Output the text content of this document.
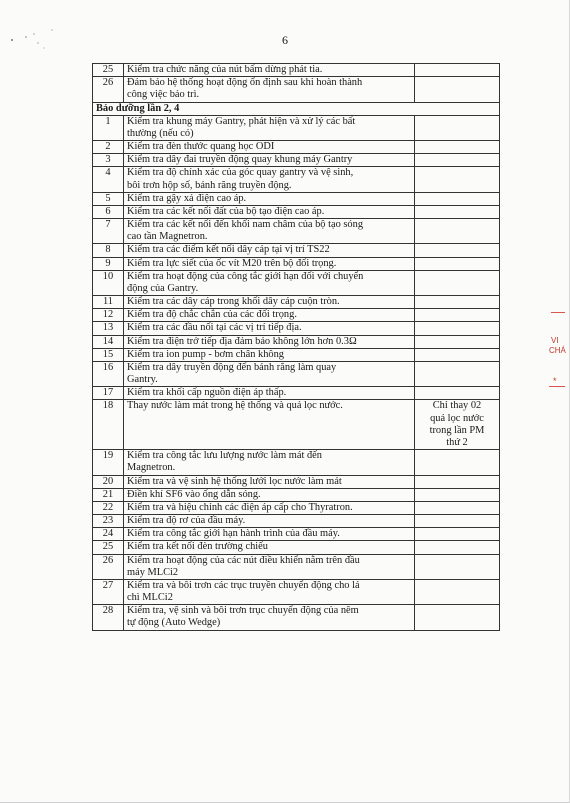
6
25	Kiểm tra chức năng của nút bấm dừng phát tia.	

26	Đảm bảo hệ thống hoạt động ổn định sau khi hoàn thành
công việc bảo trì.	

Bảo dưỡng lần 2, 4		
1	Kiểm tra khung máy Gantry, phát hiện và xử lý các bất
thường (nếu có)	

2	Kiểm tra đèn thước quang học ODI	

3	Kiểm tra dây đai truyền động quay khung máy Gantry	

4	Kiểm tra độ chính xác của góc quay gantry và vệ sinh,
bôi trơn hộp số, bánh răng truyền động.	

5	Kiểm tra gậy xả điện cao áp.	

6	Kiểm tra các kết nối đất của bộ tạo điện cao áp.	

7	Kiểm tra các kết nối đến khối nam châm của bộ tạo sóng
cao tần Magnetron.	

8	Kiểm tra các điểm kết nối dây cáp tại vị trí TS22	

9	Kiểm tra lực siết của ốc vít M20 trên bộ đối trọng.	

10	Kiểm tra hoạt động của công tắc giới hạn đối với chuyển
động của Gantry.	

11	Kiểm tra các dây cáp trong khối dây cáp cuộn tròn.	

12	Kiểm tra độ chắc chắn của các đối trọng.	

13	Kiểm tra các đầu nối tại các vị trí tiếp địa.	

14	Kiểm tra điện trở tiếp địa đảm bảo không lớn hơn 0.3Ω	

15	Kiểm tra ion pump - bơm chân không	

16	Kiểm tra dây truyền động đến bánh răng làm quay
Gantry.	

17	Kiểm tra khối cấp nguồn điện áp thấp.	

18	Thay nước làm mát trong hệ thống và quả lọc nước.	Chỉ thay 02
quả lọc nước
trong lần PM
thứ 2

19	Kiểm tra công tắc lưu lượng nước làm mát đến
Magnetron.	

20	Kiểm tra và vệ sinh hệ thống lưới lọc nước làm mát	

21	Điền khí SF6 vào ống dẫn sóng.	

22	Kiểm tra và hiệu chỉnh các điện áp cấp cho Thyratron.	

23	Kiểm tra độ rơ của đầu máy.	

24	Kiểm tra công tắc giới hạn hành trình của đầu máy.	

25	Kiểm tra kết nối đèn trường chiếu	

26	Kiểm tra hoạt động của các nút điều khiển nằm trên đầu
máy MLCi2	

27	Kiểm tra và bôi trơn các trục truyền chuyển động cho lá
chì MLCi2	

28	Kiểm tra, vệ sinh và bôi trơn trục chuyển động của nêm
tự động (Auto Wedge)	

VI
CHÁ
*
